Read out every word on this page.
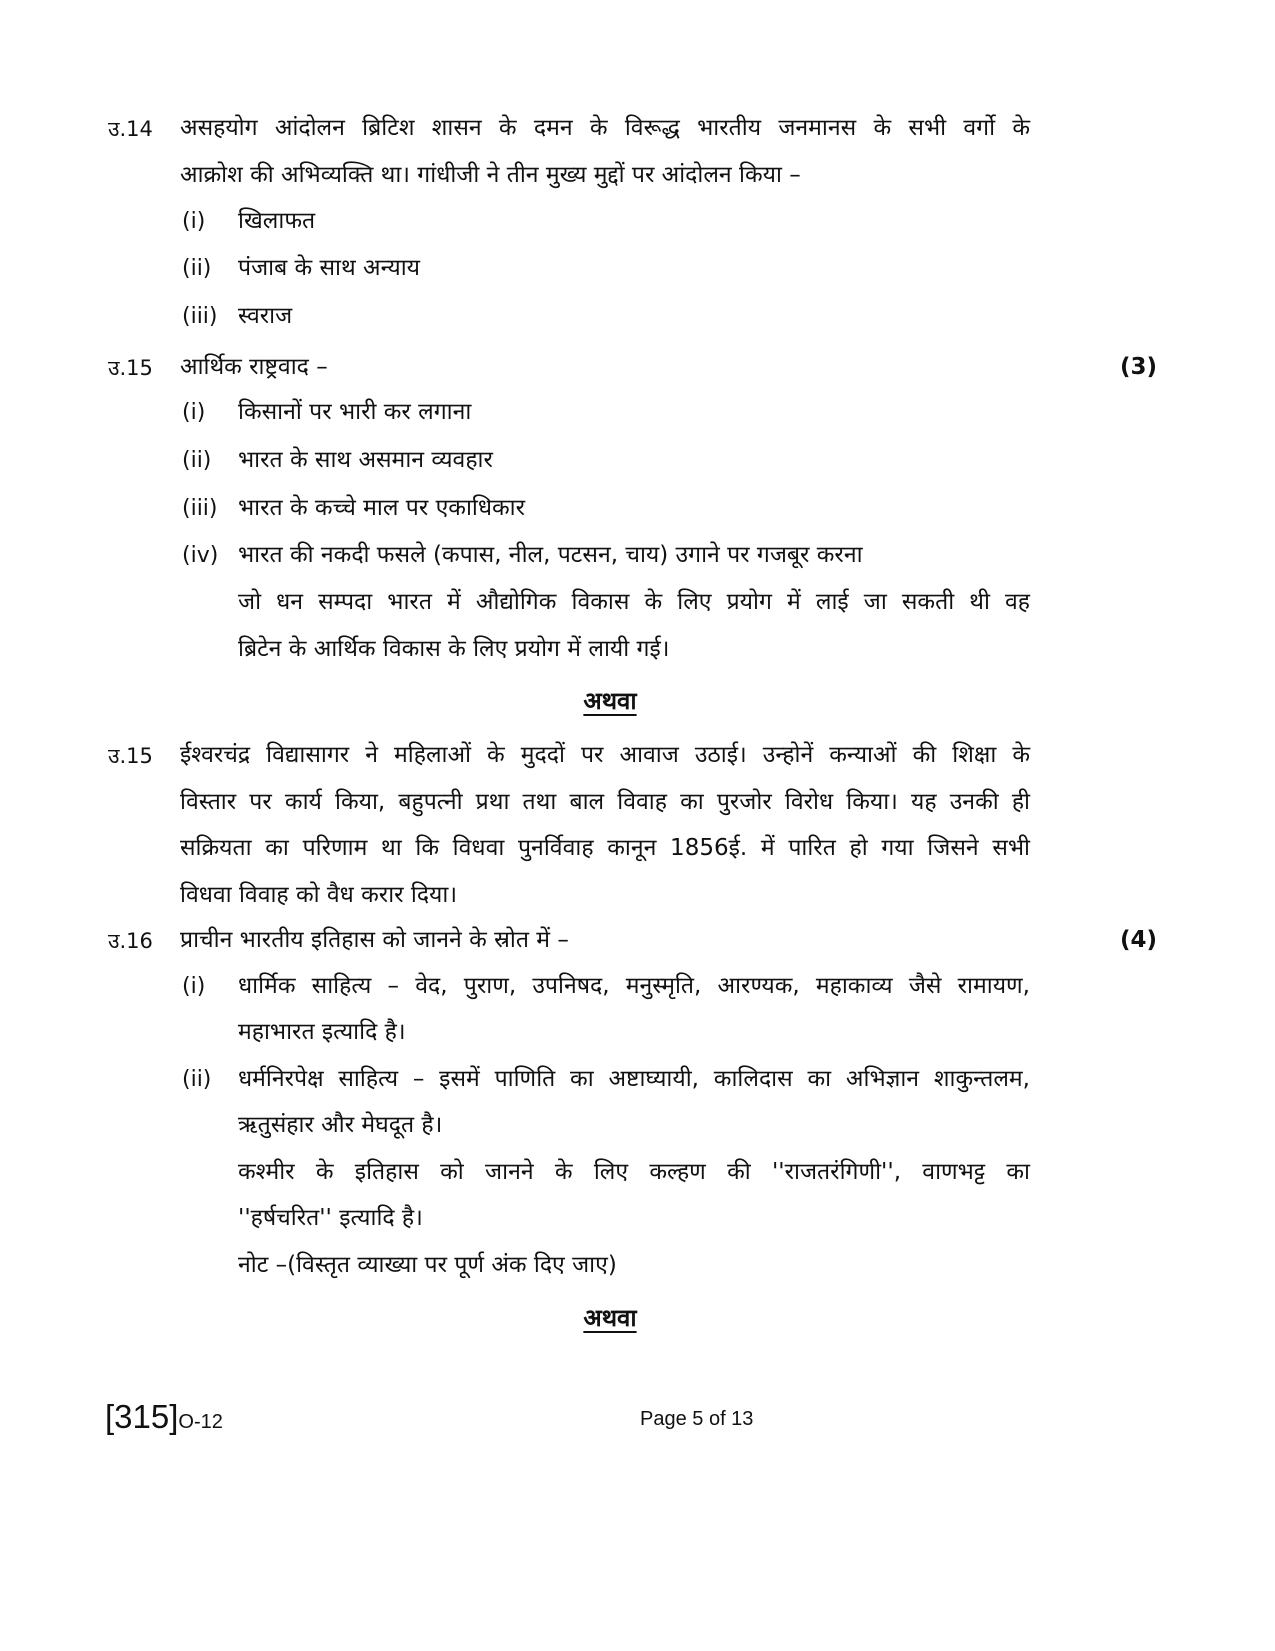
उ.14 असहयोग आंदोलन ब्रिटिश शासन के दमन के विरूद्ध भारतीय जनमानस के सभी वर्गो के
आक्रोश की अभिव्यक्ति था। गांधीजी ने तीन मुख्य मुद्दों पर आंदोलन किया –
(i) खिलाफत
(ii) पंजाब के साथ अन्याय
(iii) स्वराज
उ.15 आर्थिक राष्ट्रवाद –	(3)
(i) किसानों पर भारी कर लगाना
(ii) भारत के साथ असमान व्यवहार
(iii) भारत के कच्चे माल पर एकाधिकार
(iv) भारत की नकदी फसले (कपास, नील, पटसन, चाय) उगाने पर गजबूर करना
जो धन सम्पदा भारत में औद्योगिक विकास के लिए प्रयोग में लाई जा सकती थी वह
ब्रिटेन के आर्थिक विकास के लिए प्रयोग में लायी गई।
अथवा
उ.15 ईश्वरचंद्र विद्यासागर ने महिलाओं के मुददों पर आवाज उठाई। उन्होनें कन्याओं की शिक्षा के
विस्तार पर कार्य किया, बहुपत्नी प्रथा तथा बाल विवाह का पुरजोर विरोध किया। यह उनकी ही
सक्रियता का परिणाम था कि विधवा पुनर्विवाह कानून 1856ई. में पारित हो गया जिसने सभी
विधवा विवाह को वैध करार दिया।
उ.16 प्राचीन भारतीय इतिहास को जानने के स्रोत में –	(4)
(i) धार्मिक साहित्य – वेद, पुराण, उपनिषद, मनुस्मृति, आरण्यक, महाकाव्य जैसे रामायण,
महाभारत इत्यादि है।
(ii) धर्मनिरपेक्ष साहित्य – इसमें पाणिति का अष्टाघ्यायी, कालिदास का अभिज्ञान शाकुन्तलम,
ऋतुसंहार और मेघदूत है।
कश्मीर के इतिहास को जानने के लिए कल्हण की ''राजतरंगिणी'', वाणभट्ट का
''हर्षचरित'' इत्यादि है।
नोट –(विस्तृत व्याख्या पर पूर्ण अंक दिए जाए)
अथवा
[315]O-12	Page 5 of 13
